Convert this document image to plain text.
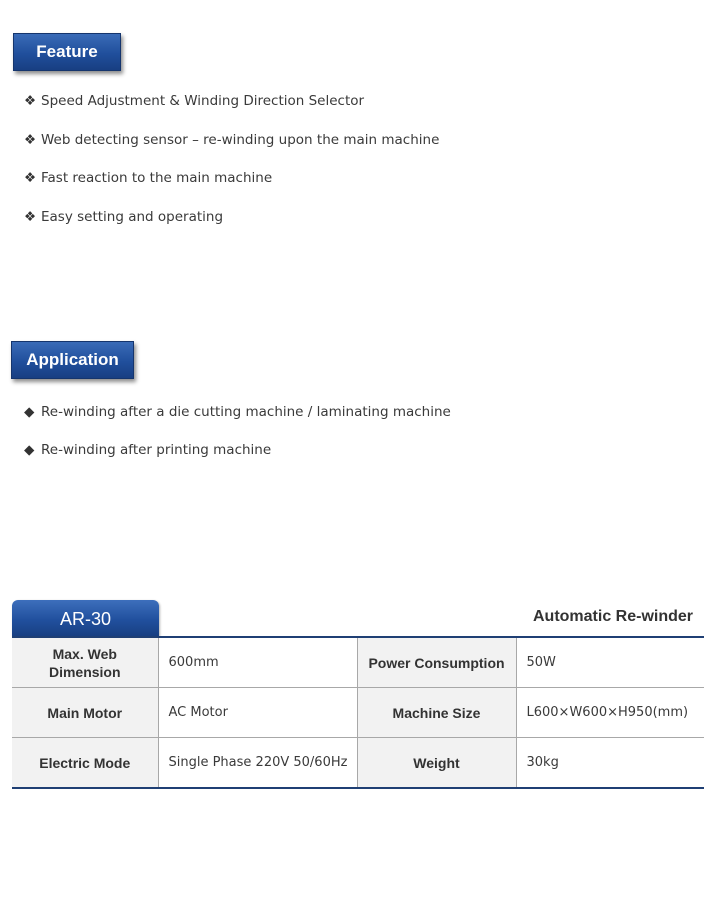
Feature
❖ Speed Adjustment & Winding Direction Selector
❖ Web detecting sensor – re-winding upon the main machine
❖ Fast reaction to the main machine
❖ Easy setting and operating
Application
◆ Re-winding after a die cutting machine / laminating machine
◆ Re-winding after printing machine
AR-30	Automatic Re-winder
Max. Web Dimension	600mm	Power Consumption	50W
Main Motor	AC Motor	Machine Size	L600×W600×H950(mm)
Electric Mode	Single Phase 220V 50/60Hz	Weight	30kg
